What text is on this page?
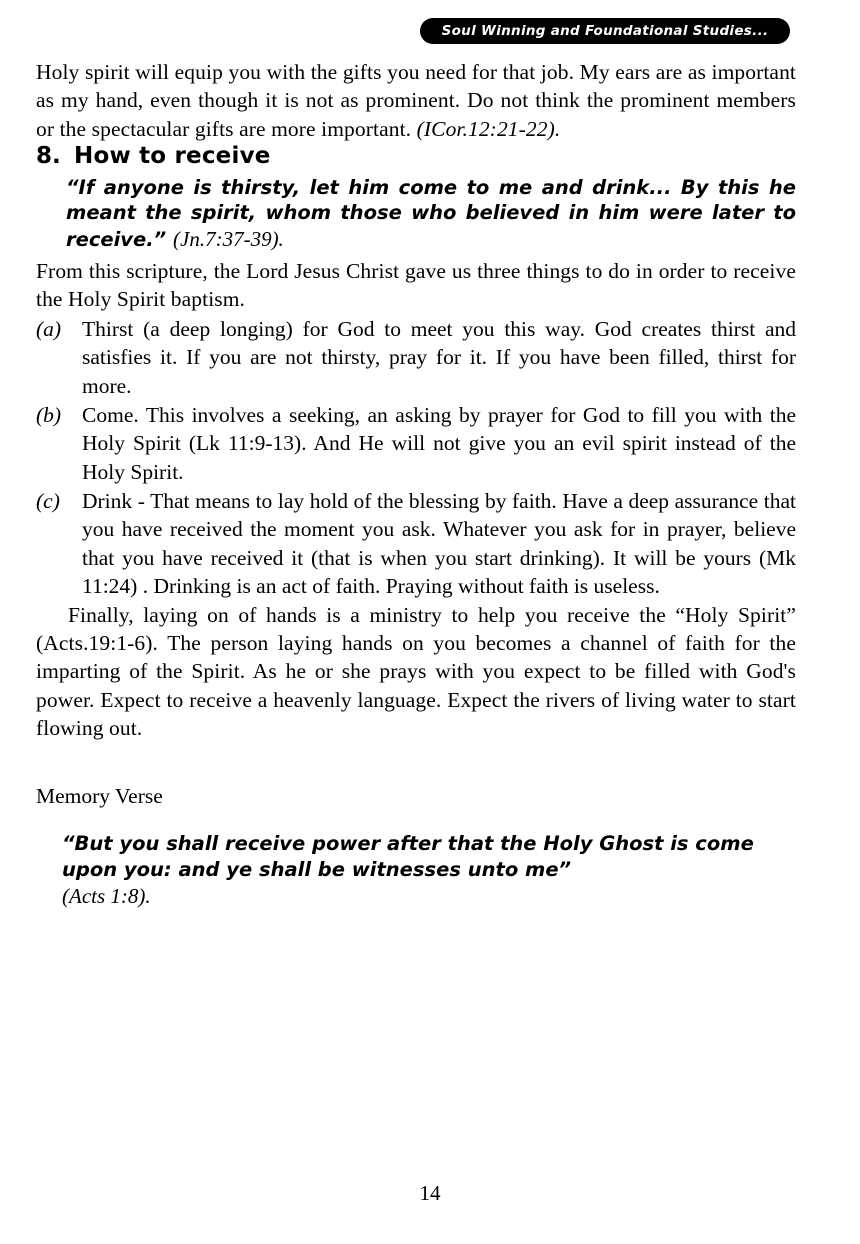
Soul Winning and Foundational Studies...

Holy spirit will equip you with the gifts you need for that job. My ears are as important as my hand, even though it is not as prominent. Do not think the prominent members or the spectacular gifts are more important. (ICor.12:21-22).

8. How to receive

“If anyone is thirsty, let him come to me and drink... By this he meant the spirit, whom those who believed in him were later to receive.” (Jn.7:37-39).

From this scripture, the Lord Jesus Christ gave us three things to do in order to receive the Holy Spirit baptism.

(a) Thirst (a deep longing) for God to meet you this way. God creates thirst and satisfies it. If you are not thirsty, pray for it. If you have been filled, thirst for more.
(b) Come. This involves a seeking, an asking by prayer for God to fill you with the Holy Spirit (Lk 11:9-13). And He will not give you an evil spirit instead of the Holy Spirit.
(c)	Drink - That means to lay hold of the blessing by faith. Have a deep assurance that you have received the moment you ask. Whatever you ask for in prayer, believe that you have received it (that is when you start drinking). It will be yours (Mk 11:24) . Drinking is an act of faith. Praying without faith is useless.

Finally, laying on of hands is a ministry to help you receive the “Holy Spirit” (Acts.19:1-6). The person laying hands on you becomes a channel of faith for the imparting of the Spirit. As he or she prays with you expect to be filled with God's power. Expect to receive a heavenly language. Expect the rivers of living water to start flowing out.

Memory Verse

“But you shall receive power after that the Holy Ghost is come upon you: and ye shall be witnesses unto me”

(Acts 1:8).

14
